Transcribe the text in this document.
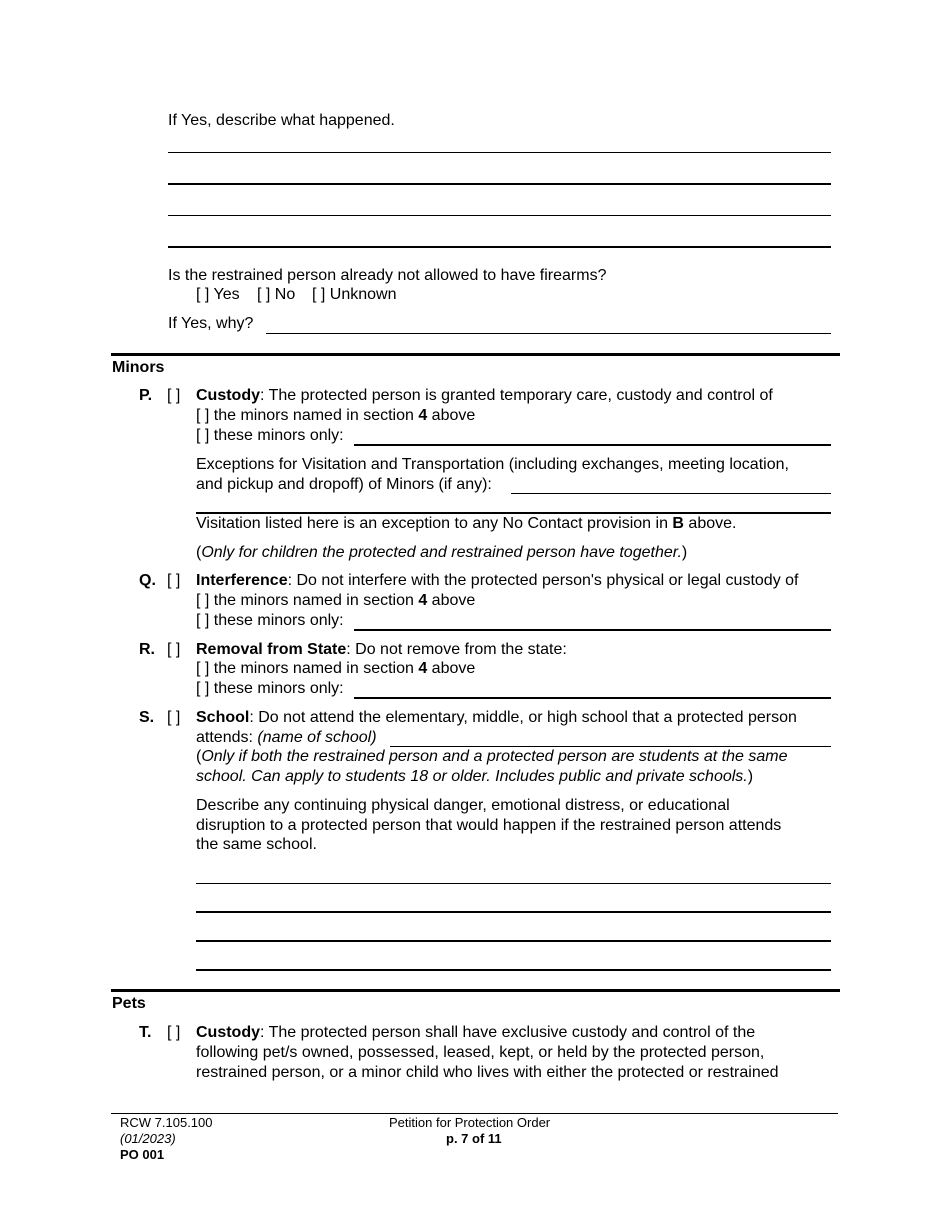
If Yes, describe what happened.
Is the restrained person already not allowed to have firearms?
[ ] Yes [ ] No [ ] Unknown
If Yes, why?
Minors
P. [ ] Custody: The protected person is granted temporary care, custody and control of
[ ] the minors named in section 4 above
[ ] these minors only:
Exceptions for Visitation and Transportation (including exchanges, meeting location,
and pickup and dropoff) of Minors (if any):
Visitation listed here is an exception to any No Contact provision in B above.
(Only for children the protected and restrained person have together.)
Q. [ ] Interference: Do not interfere with the protected person's physical or legal custody of
[ ] the minors named in section 4 above
[ ] these minors only:
R. [ ] Removal from State: Do not remove from the state:
[ ] the minors named in section 4 above
[ ] these minors only:
S. [ ] School: Do not attend the elementary, middle, or high school that a protected person
attends: (name of school)
(Only if both the restrained person and a protected person are students at the same
school. Can apply to students 18 or older. Includes public and private schools.)
Describe any continuing physical danger, emotional distress, or educational
disruption to a protected person that would happen if the restrained person attends
the same school.
Pets
T. [ ] Custody: The protected person shall have exclusive custody and control of the
following pet/s owned, possessed, leased, kept, or held by the protected person,
restrained person, or a minor child who lives with either the protected or restrained
RCW 7.105.100
(01/2023)
PO 001
Petition for Protection Order
p. 7 of 11
